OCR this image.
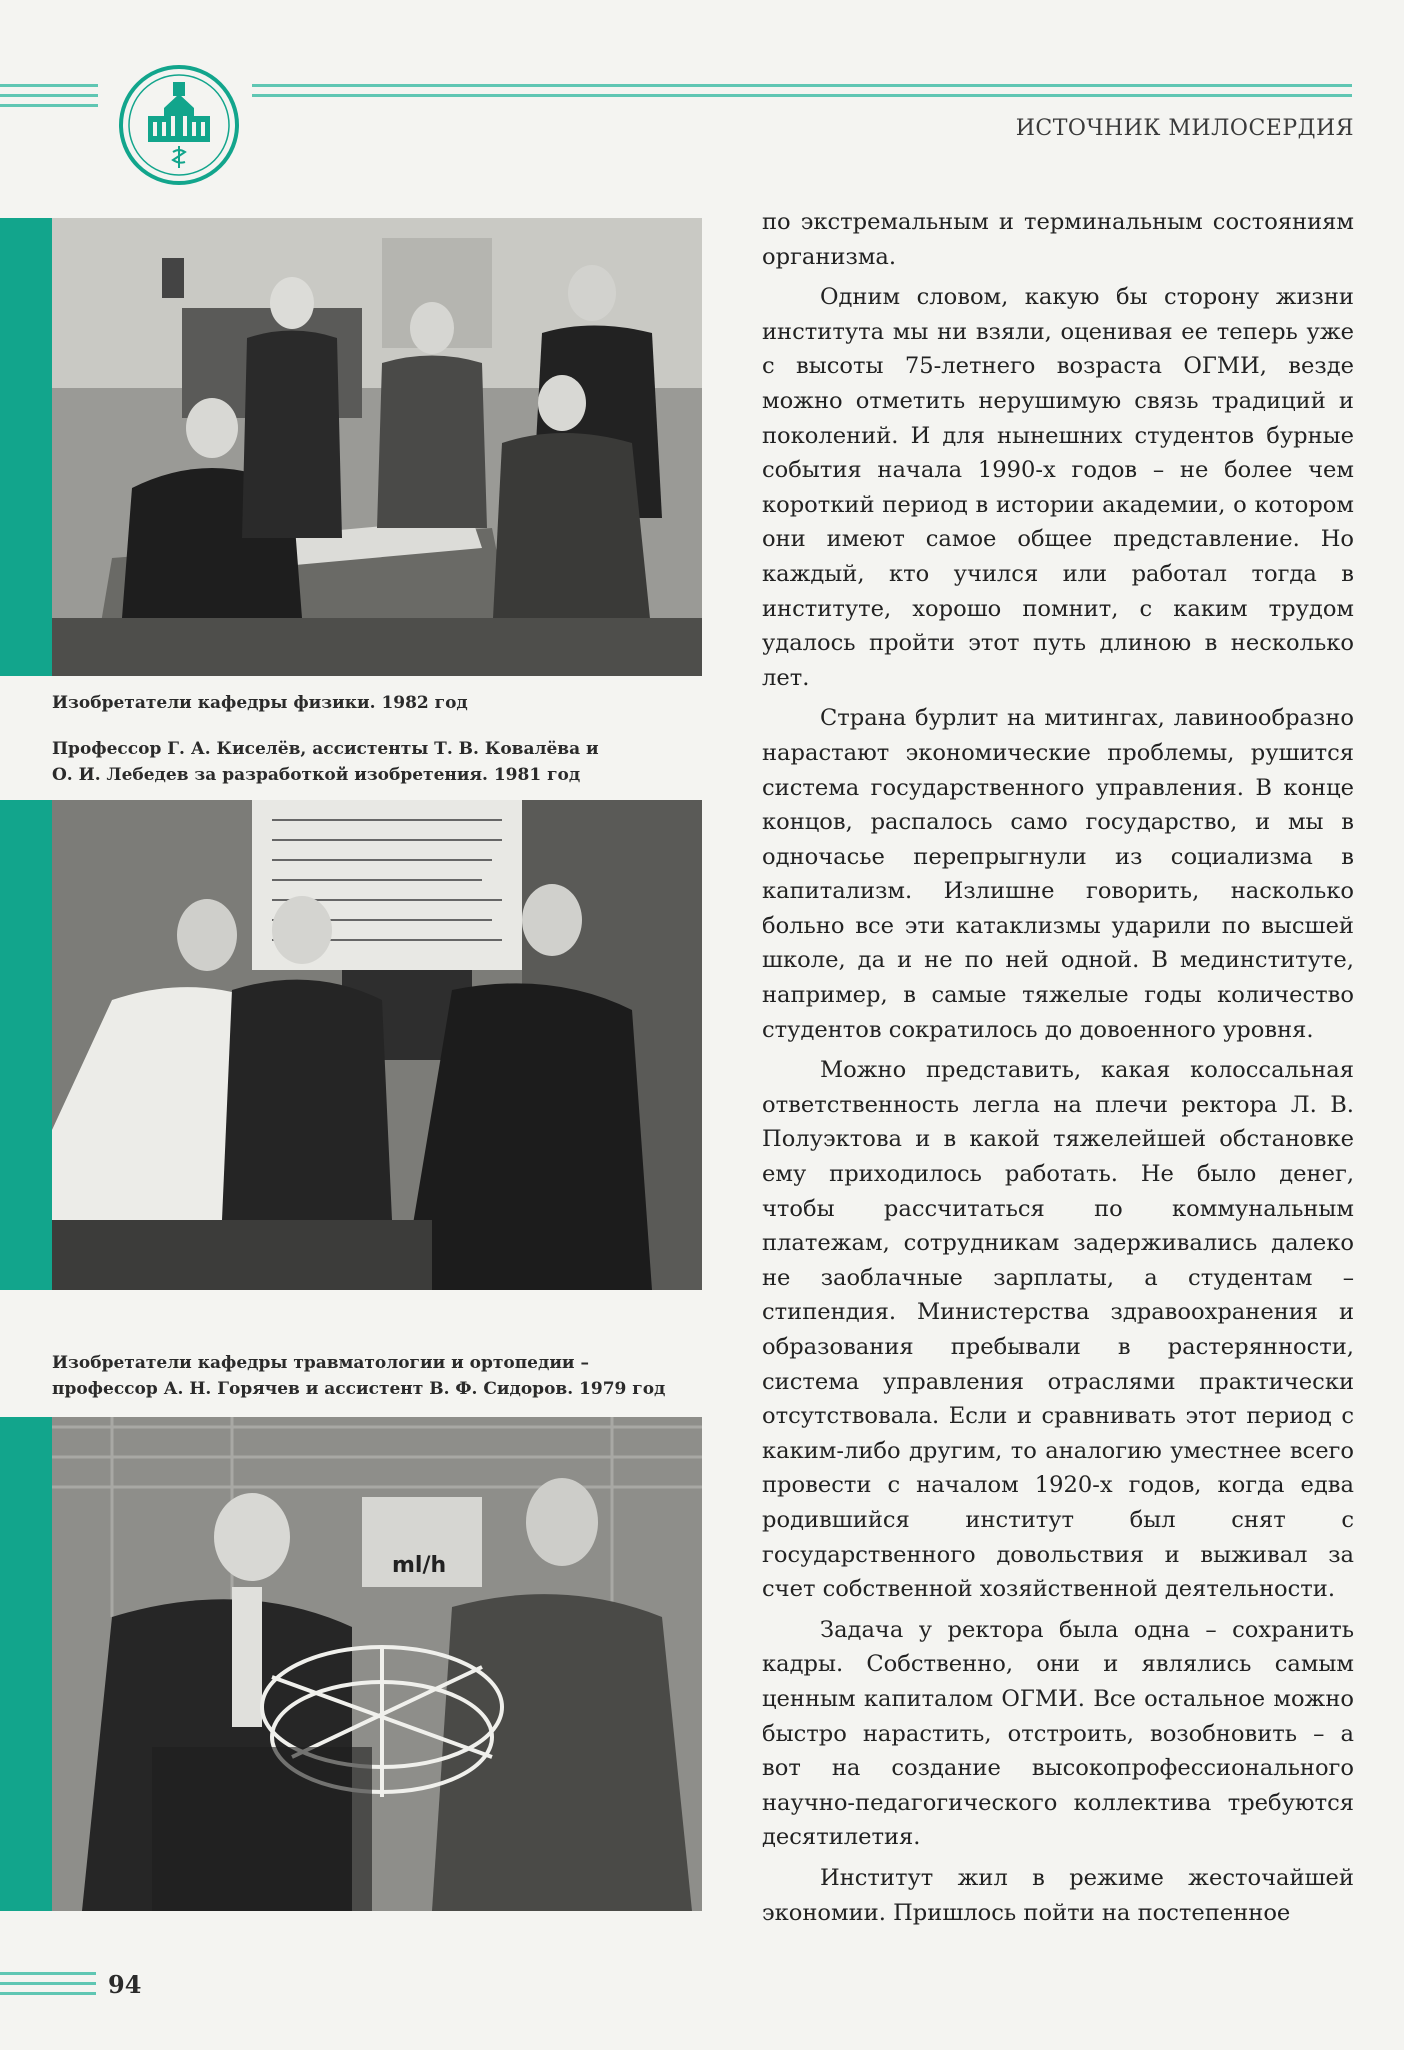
ИСТОЧНИК МИЛОСЕРДИЯ
Изобретатели кафедры физики. 1982 год
Профессор Г. А. Киселёв, ассистенты Т. В. Ковалёва и О. И. Лебедев за разработкой изобретения. 1981 год
Изобретатели кафедры травматологии и ортопедии – профессор А. Н. Горячев и ассистент В. Ф. Сидоров. 1979 год
ml/h

по экстремальным и терминальным состояниям организма.

Одним словом, какую бы сторону жизни института мы ни взяли, оценивая ее теперь уже с высоты 75-летнего возраста ОГМИ, везде можно отметить нерушимую связь традиций и поколений. И для нынешних студентов бурные события начала 1990-х годов – не более чем короткий период в истории академии, о котором они имеют самое общее представление. Но каждый, кто учился или работал тогда в институте, хорошо помнит, с каким трудом удалось пройти этот путь длиною в несколько лет.

Страна бурлит на митингах, лавинообразно нарастают экономические проблемы, рушится система государственного управления. В конце концов, распалось само государство, и мы в одночасье перепрыгнули из социализма в капитализм. Излишне говорить, насколько больно все эти катаклизмы ударили по высшей школе, да и не по ней одной. В мединституте, например, в самые тяжелые годы количество студентов сократилось до довоенного уровня.

Можно представить, какая колоссальная ответственность легла на плечи ректора Л. В. Полуэктова и в какой тяжелейшей обстановке ему приходилось работать. Не было денег, чтобы рассчитаться по коммунальным платежам, сотрудникам задерживались далеко не заоблачные зарплаты, а студентам – стипендия. Министерства здравоохранения и образования пребывали в растерянности, система управления отраслями практически отсутствовала. Если и сравнивать этот период с каким-либо другим, то аналогию уместнее всего провести с началом 1920-х годов, когда едва родившийся институт был снят с государственного довольствия и выживал за счет собственной хозяйственной деятельности.

Задача у ректора была одна – сохранить кадры. Собственно, они и являлись самым ценным капиталом ОГМИ. Все остальное можно быстро нарастить, отстроить, возобновить – а вот на создание высокопрофессионального научно-педагогического коллектива требуются десятилетия.

Институт жил в режиме жесточайшей экономии. Пришлось пойти на постепенное

94
